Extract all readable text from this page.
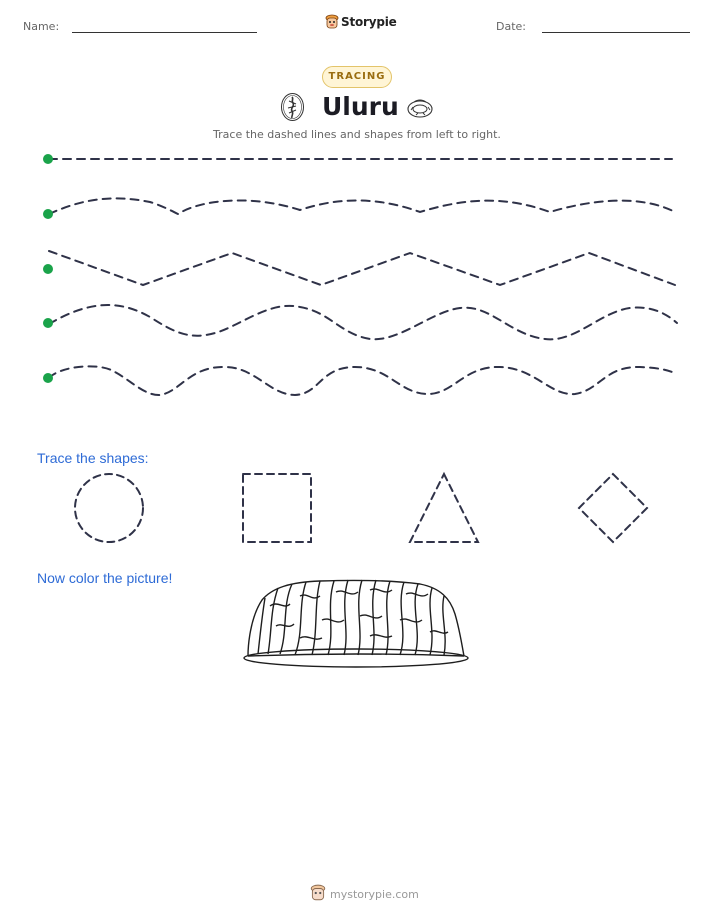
Name:	Storypie	Date:
TRACING
Uluru
Trace the dashed lines and shapes from left to right.
Trace the shapes:
Now color the picture!
mystorypie.com
